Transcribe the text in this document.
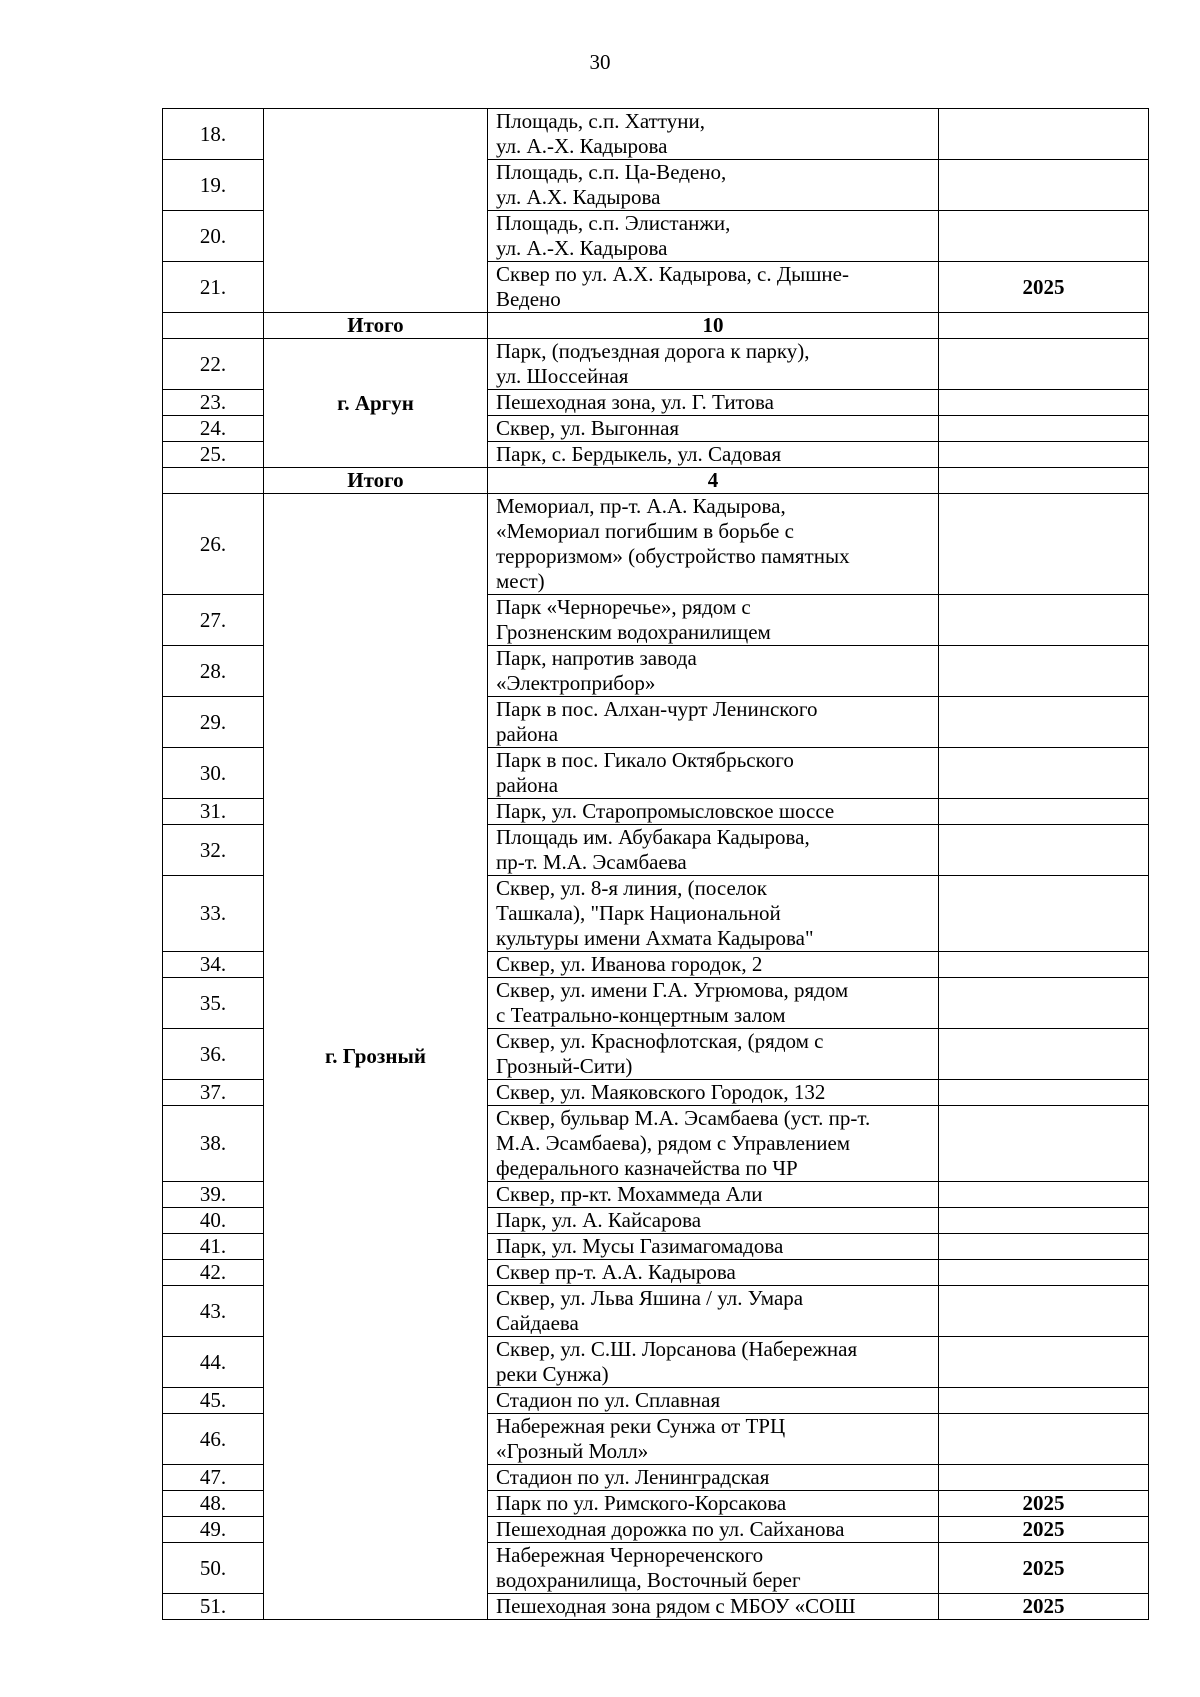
30
18.		Площадь, с.п. Хаттуни,
ул. А.-Х. Кадырова	

19.		Площадь, с.п. Ца-Ведено,
ул. А.Х. Кадырова	

20.		Площадь, с.п. Элистанжи,
ул. А.-Х. Кадырова	

21.		Сквер по ул. А.Х. Кадырова, с. Дышне-
Ведено	2025
	Итого	10	
22.	г. Аргун	Парк, (подъездная дорога к парку),
ул. Шоссейная	

23.		Пешеходная зона, ул. Г. Титова	

24.		Сквер, ул. Выгонная	

25.		Парк, с. Бердыкель, ул. Садовая	

	Итого	4	
26.	г. Грозный	Мемориал, пр-т. А.А. Кадырова,
«Мемориал погибшим в борьбе с
терроризмом» (обустройство памятных
мест)	

27.		Парк «Черноречье», рядом с
Грозненским водохранилищем	

28.		Парк, напротив завода
«Электроприбор»	

29.		Парк в пос. Алхан-чурт Ленинского
района	

30.		Парк в пос. Гикало Октябрьского
района	

31.		Парк, ул. Старопромысловское шоссе	

32.		Площадь им. Абубакара Кадырова,
пр-т. М.А. Эсамбаева	

33.		Сквер, ул. 8-я линия, (поселок
Ташкала), "Парк Национальной
культуры имени Ахмата Кадырова"	

34.		Сквер, ул. Иванова городок, 2	

35.		Сквер, ул. имени Г.А. Угрюмова, рядом
с Театрально-концертным залом	

36.		Сквер, ул. Краснофлотская, (рядом с
Грозный-Сити)	

37.		Сквер, ул. Маяковского Городок, 132	

38.		Сквер, бульвар М.А. Эсамбаева (уст. пр-т.
М.А. Эсамбаева), рядом с Управлением
федерального казначейства по ЧР	

39.		Сквер, пр-кт. Мохаммеда Али	

40.		Парк, ул. А. Кайсарова	

41.		Парк, ул. Мусы Газимагомадова	

42.		Сквер пр-т. А.А. Кадырова	

43.		Сквер, ул. Льва Яшина / ул. Умара
Сайдаева	

44.		Сквер, ул. С.Ш. Лорсанова (Набережная
реки Сунжа)	

45.		Стадион по ул. Сплавная	

46.		Набережная реки Сунжа от ТРЦ
«Грозный Молл»	

47.		Стадион по ул. Ленинградская	

48.		Парк по ул. Римского-Корсакова	2025
49.		Пешеходная дорожка по ул. Сайханова	2025
50.		Набережная Чернореченского
водохранилища, Восточный берег	2025
51.		Пешеходная зона рядом с МБОУ «СОШ	2025
